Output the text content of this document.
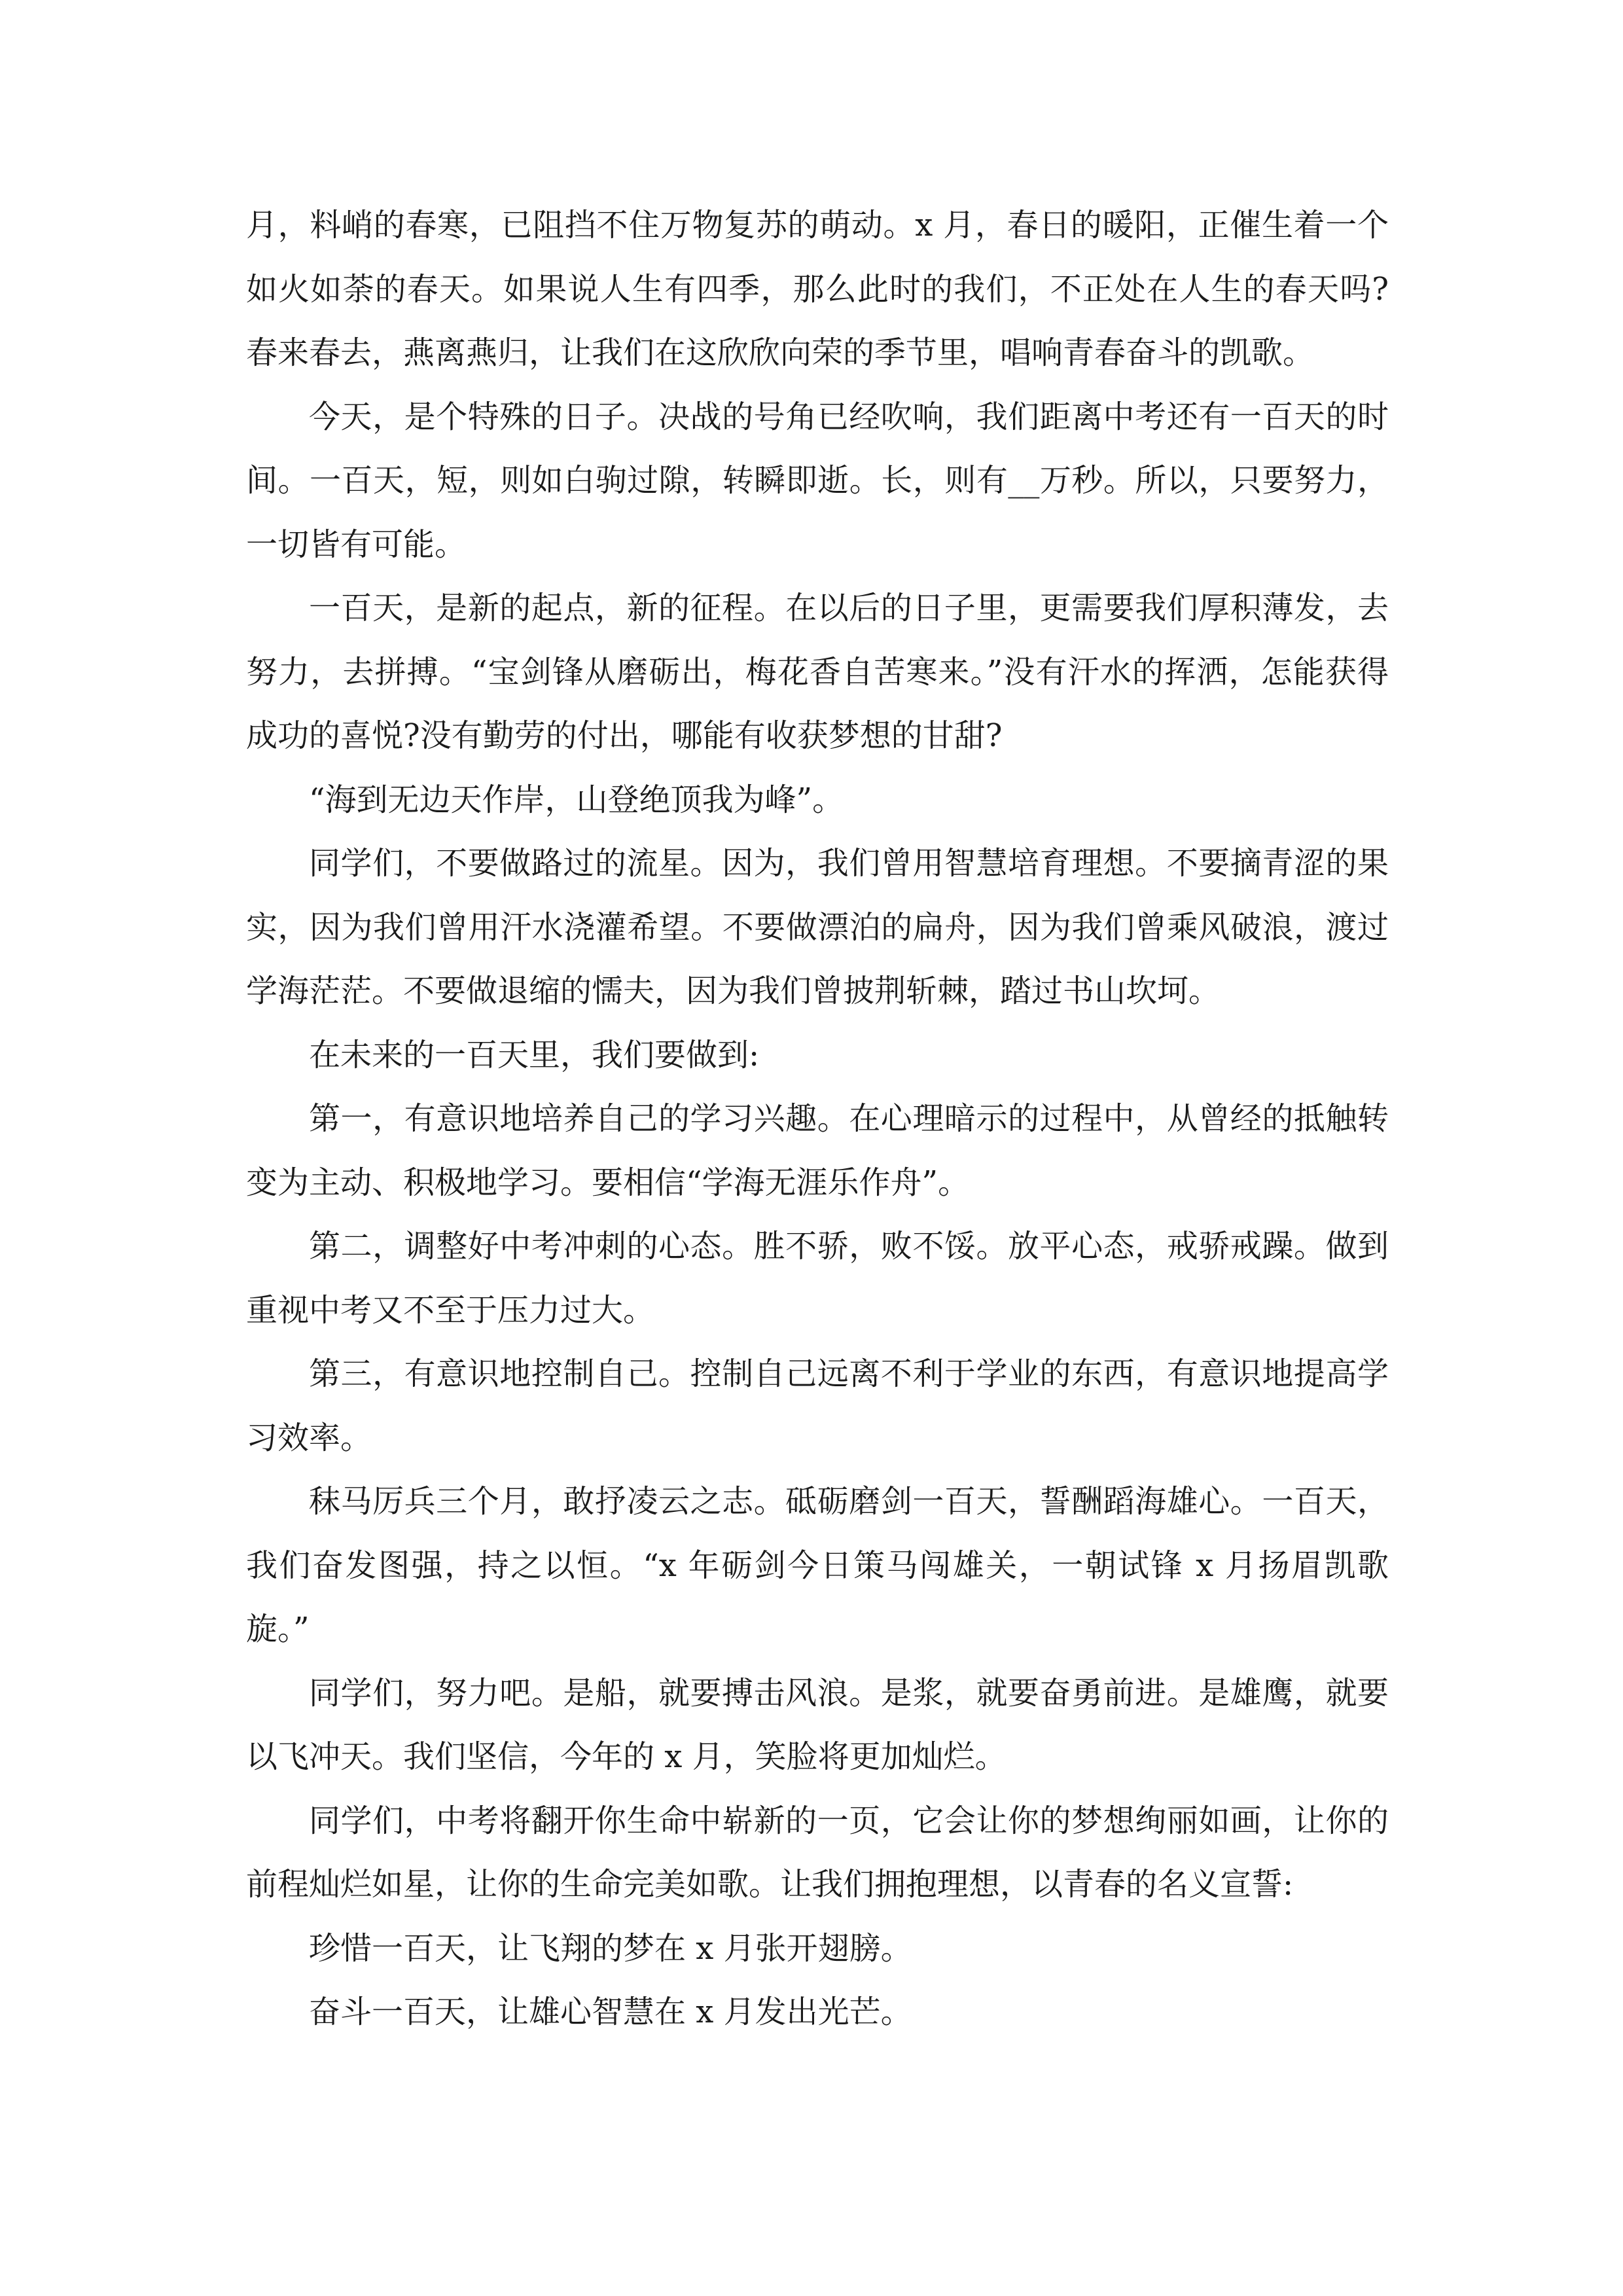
月，料峭的春寒，已阻挡不住万物复苏的萌动。x 月，春日的暖阳，正催生着一个如火如荼的春天。如果说人生有四季，那么此时的我们，不正处在人生的春天吗?春来春去，燕离燕归，让我们在这欣欣向荣的季节里，唱响青春奋斗的凯歌。

今天，是个特殊的日子。决战的号角已经吹响，我们距离中考还有一百天的时间。一百天，短，则如白驹过隙，转瞬即逝。长，则有__万秒。所以，只要努力，一切皆有可能。

一百天，是新的起点，新的征程。在以后的日子里，更需要我们厚积薄发，去努力，去拼搏。“宝剑锋从磨砺出，梅花香自苦寒来。”没有汗水的挥洒，怎能获得成功的喜悦?没有勤劳的付出，哪能有收获梦想的甘甜?

“海到无边天作岸，山登绝顶我为峰”。

同学们，不要做路过的流星。因为，我们曾用智慧培育理想。不要摘青涩的果实，因为我们曾用汗水浇灌希望。不要做漂泊的扁舟，因为我们曾乘风破浪，渡过学海茫茫。不要做退缩的懦夫，因为我们曾披荆斩棘，踏过书山坎坷。

在未来的一百天里，我们要做到:

第一，有意识地培养自己的学习兴趣。在心理暗示的过程中，从曾经的抵触转变为主动、积极地学习。要相信“学海无涯乐作舟”。

第二，调整好中考冲刺的心态。胜不骄，败不馁。放平心态，戒骄戒躁。做到重视中考又不至于压力过大。

第三，有意识地控制自己。控制自己远离不利于学业的东西，有意识地提高学习效率。

秣马厉兵三个月，敢抒凌云之志。砥砺磨剑一百天，誓酬蹈海雄心。一百天，我们奋发图强，持之以恒。“x 年砺剑今日策马闯雄关，一朝试锋 x 月扬眉凯歌旋。”

同学们，努力吧。是船，就要搏击风浪。是浆，就要奋勇前进。是雄鹰，就要以飞冲天。我们坚信，今年的 x 月，笑脸将更加灿烂。

同学们，中考将翻开你生命中崭新的一页，它会让你的梦想绚丽如画，让你的前程灿烂如星，让你的生命完美如歌。让我们拥抱理想，以青春的名义宣誓:

珍惜一百天，让飞翔的梦在 x 月张开翅膀。

奋斗一百天，让雄心智慧在 x 月发出光芒。
